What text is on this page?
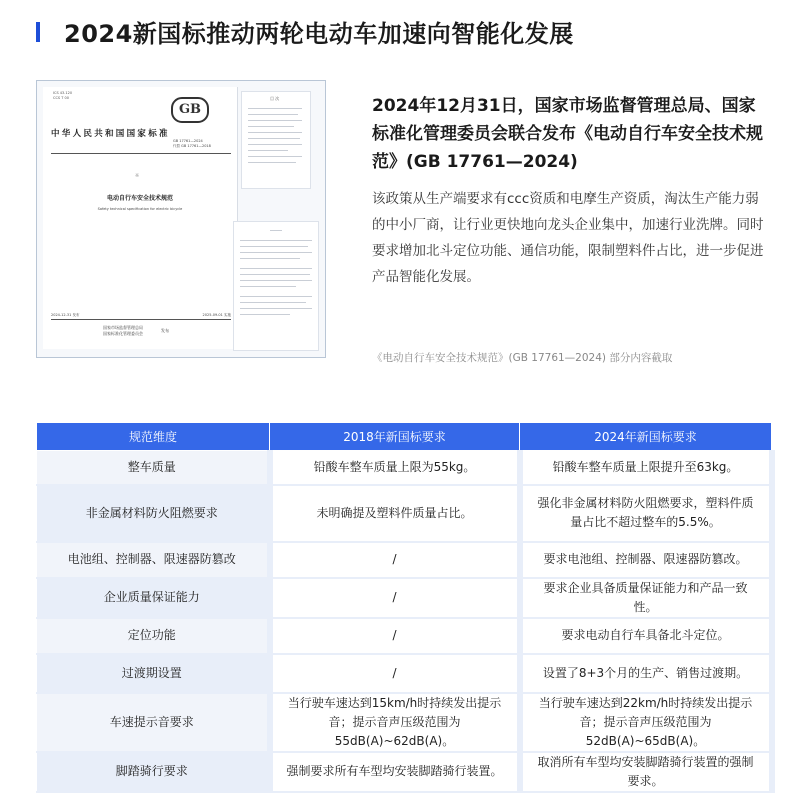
2024新国标推动两轮电动车加速向智能化发展
ICS 43.120
CCS T 00
GB
中华人民共和国国家标准
GB 17761—2024
代替 GB 17761—2018
※
电动自行车安全技术规范
Safety technical specification for electric bicycle
2024-12-31 发布	2025-09-01 实施
国家市场监督管理总局
国家标准化管理委员会
发布
目 次	2024年12月31日，国家市场监督管理总局、国家标准化管理委员会联合发布《电动自行车安全技术规范》(GB 17761—2024)
该政策从生产端要求有ccc资质和电摩生产资质，淘汰生产能力弱的中小厂商，让行业更快地向龙头企业集中，加速行业洗牌。同时要求增加北斗定位功能、通信功能，限制塑料件占比，进一步促进产品智能化发展。
《电动自行车安全技术规范》(GB 17761—2024) 部分内容截取
规范维度	2018年新国标要求	2024年新国标要求
整车质量	铅酸车整车质量上限为55kg。	铅酸车整车质量上限提升至63kg。
非金属材料防火阻燃要求	未明确提及塑料件质量占比。	强化非金属材料防火阻燃要求，塑料件质量占比不超过整车的5.5%。
电池组、控制器、限速器防篡改	/	要求电池组、控制器、限速器防篡改。
企业质量保证能力	/	要求企业具备质量保证能力和产品一致性。
定位功能	/	要求电动自行车具备北斗定位。
过渡期设置	/	设置了8+3个月的生产、销售过渡期。
车速提示音要求	当行驶车速达到15km/h时持续发出提示音；提示音声压级范围为55dB(A)~62dB(A)。	当行驶车速达到22km/h时持续发出提示音；提示音声压级范围为52dB(A)~65dB(A)。
脚踏骑行要求	强制要求所有车型均安装脚踏骑行装置。	取消所有车型均安装脚踏骑行装置的强制要求。
